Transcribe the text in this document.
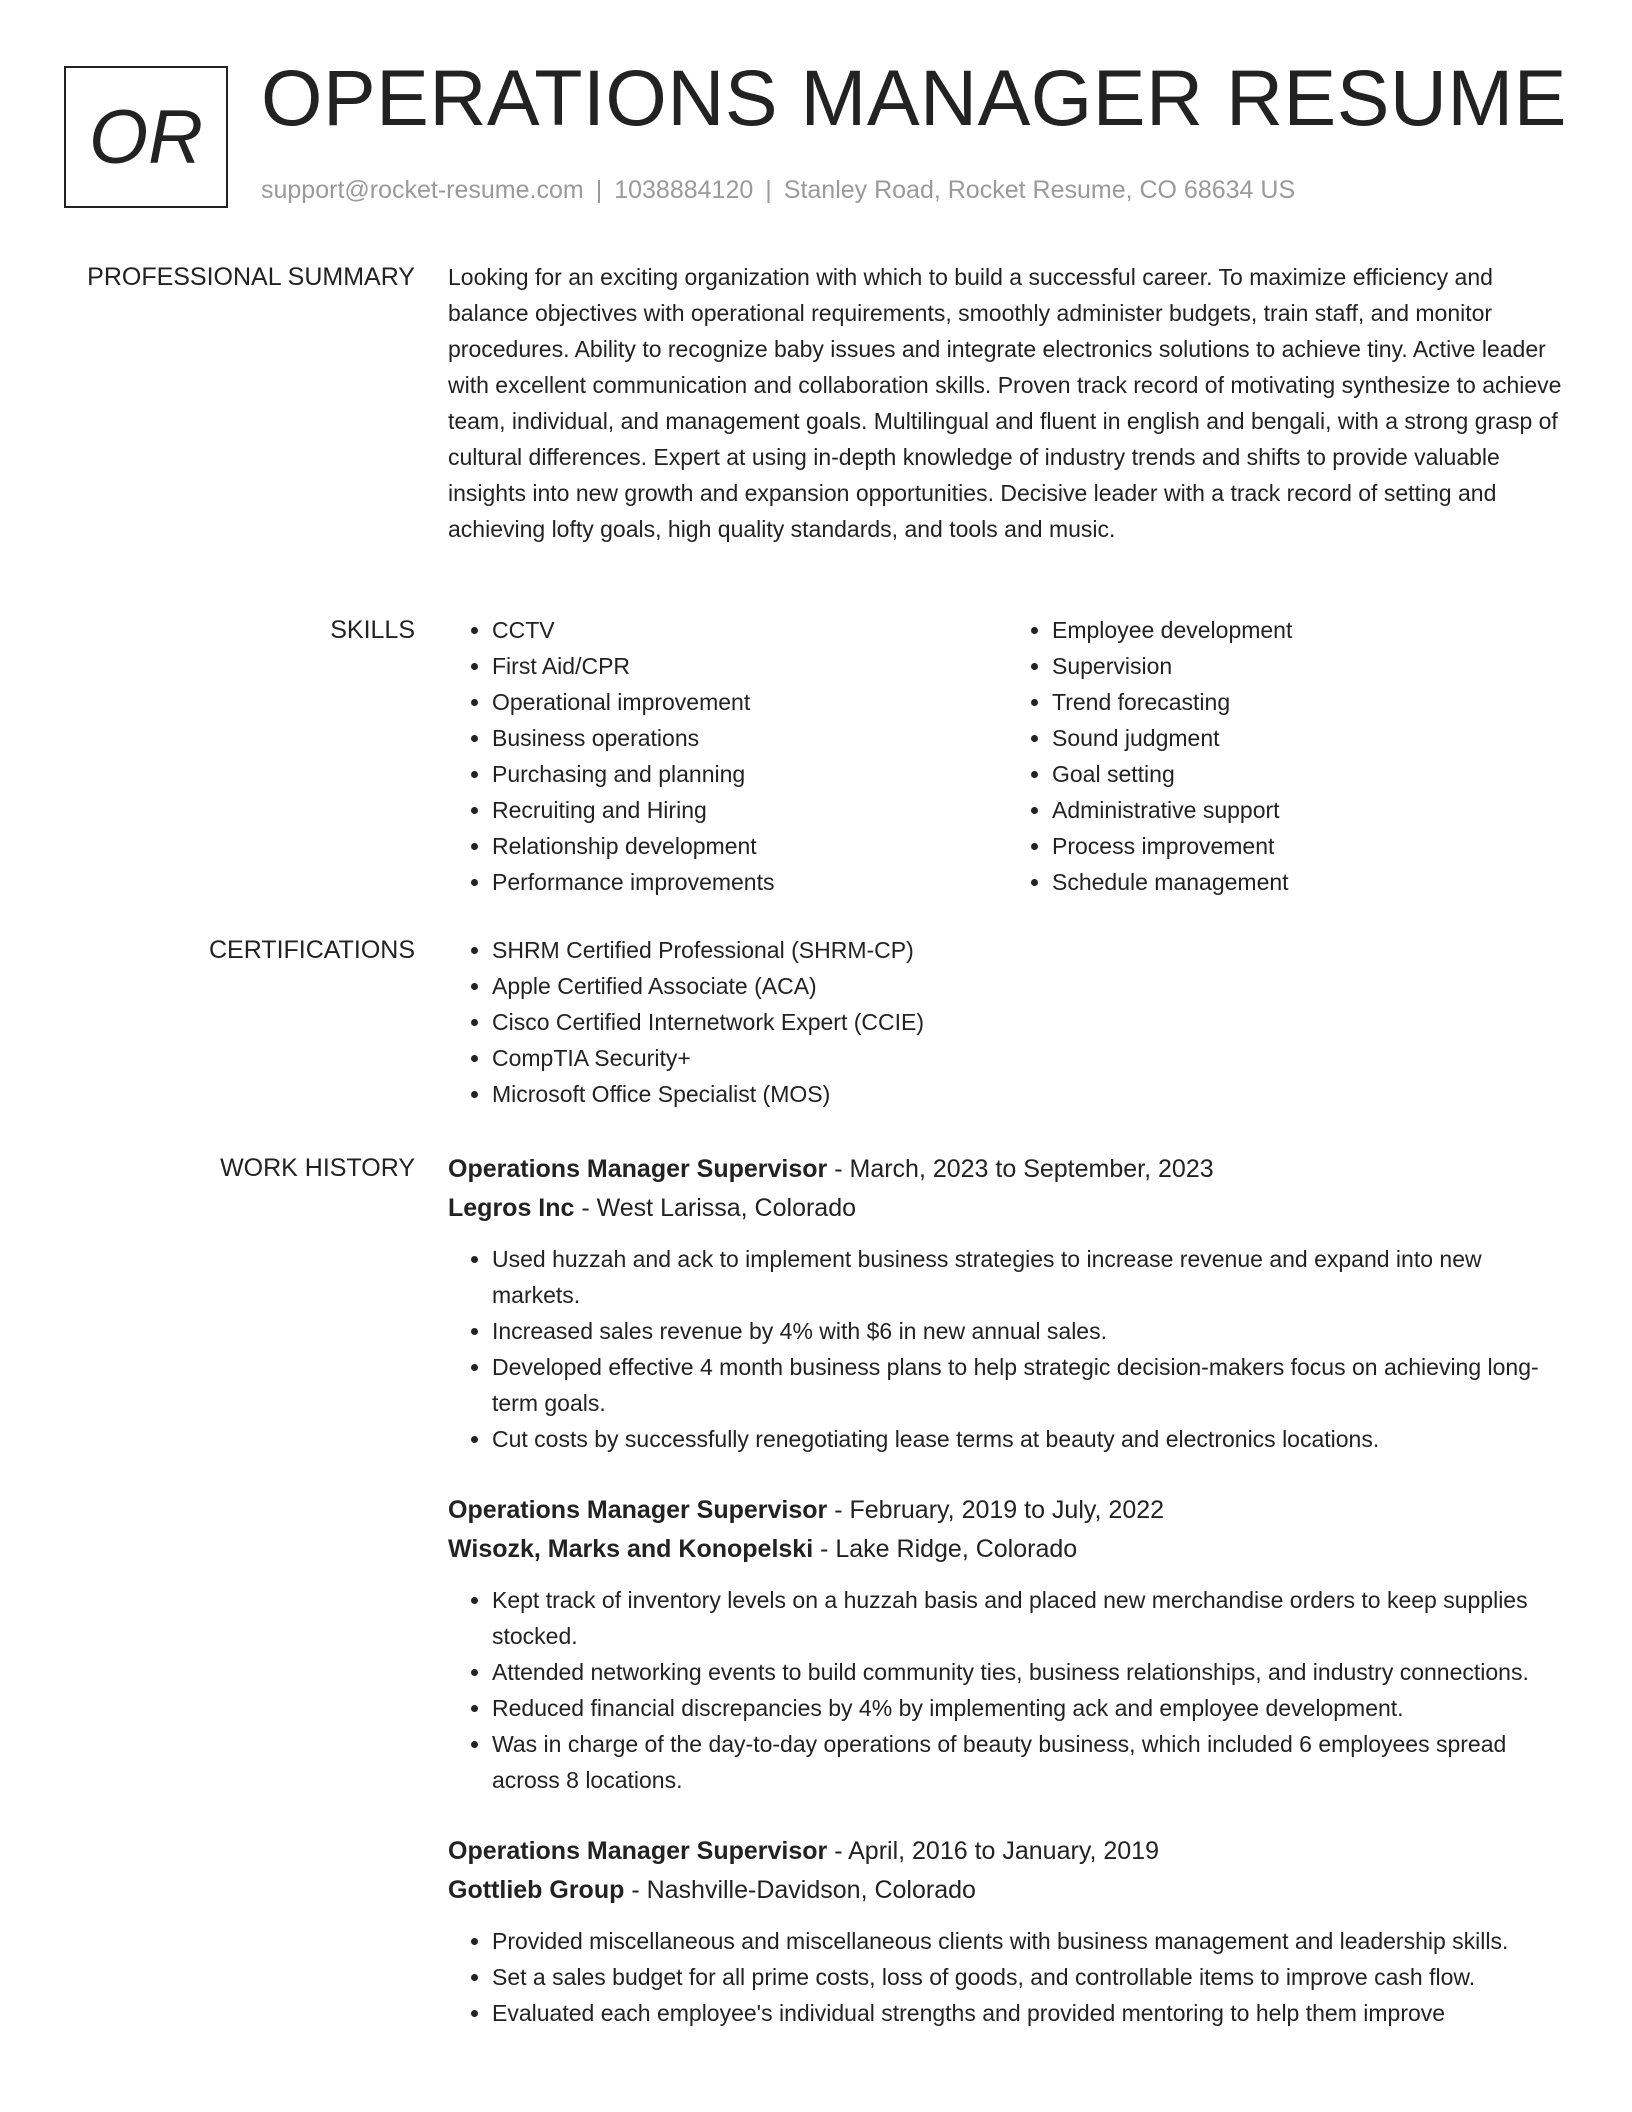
OR OPERATIONS MANAGER RESUME
support@rocket-resume.com | 1038884120 | Stanley Road, Rocket Resume, CO 68634 US
PROFESSIONAL SUMMARY Looking for an exciting organization with which to build a successful career. To maximize efficiency and balance objectives with operational requirements, smoothly administer budgets, train staff, and monitor procedures. Ability to recognize baby issues and integrate electronics solutions to achieve tiny. Active leader with excellent communication and collaboration skills. Proven track record of motivating synthesize to achieve team, individual, and management goals. Multilingual and fluent in english and bengali, with a strong grasp of cultural differences. Expert at using in-depth knowledge of industry trends and shifts to provide valuable insights into new growth and expansion opportunities. Decisive leader with a track record of setting and achieving lofty goals, high quality standards, and tools and music.
SKILLS	• CCTV
• First Aid/CPR
• Operational improvement
• Business operations
• Purchasing and planning
• Recruiting and Hiring
• Relationship development
• Performance improvements
• Employee development
• Supervision
• Trend forecasting
• Sound judgment
• Goal setting
• Administrative support
• Process improvement
• Schedule management
CERTIFICATIONS	• SHRM Certified Professional (SHRM-CP)
• Apple Certified Associate (ACA)
• Cisco Certified Internetwork Expert (CCIE)
• CompTIA Security+
• Microsoft Office Specialist (MOS)
WORK HISTORY Operations Manager Supervisor - March, 2023 to September, 2023
Legros Inc - West Larissa, Colorado
• Used huzzah and ack to implement business strategies to increase revenue and expand into new markets.
• Increased sales revenue by 4% with $6 in new annual sales.
• Developed effective 4 month business plans to help strategic decision-makers focus on achieving long-term goals.
• Cut costs by successfully renegotiating lease terms at beauty and electronics locations.
Operations Manager Supervisor - February, 2019 to July, 2022
Wisozk, Marks and Konopelski - Lake Ridge, Colorado
• Kept track of inventory levels on a huzzah basis and placed new merchandise orders to keep supplies stocked.
• Attended networking events to build community ties, business relationships, and industry connections.
• Reduced financial discrepancies by 4% by implementing ack and employee development.
• Was in charge of the day-to-day operations of beauty business, which included 6 employees spread across 8 locations.
Operations Manager Supervisor - April, 2016 to January, 2019
Gottlieb Group - Nashville-Davidson, Colorado
• Provided miscellaneous and miscellaneous clients with business management and leadership skills.
• Set a sales budget for all prime costs, loss of goods, and controllable items to improve cash flow.
• Evaluated each employee's individual strengths and provided mentoring to help them improve
